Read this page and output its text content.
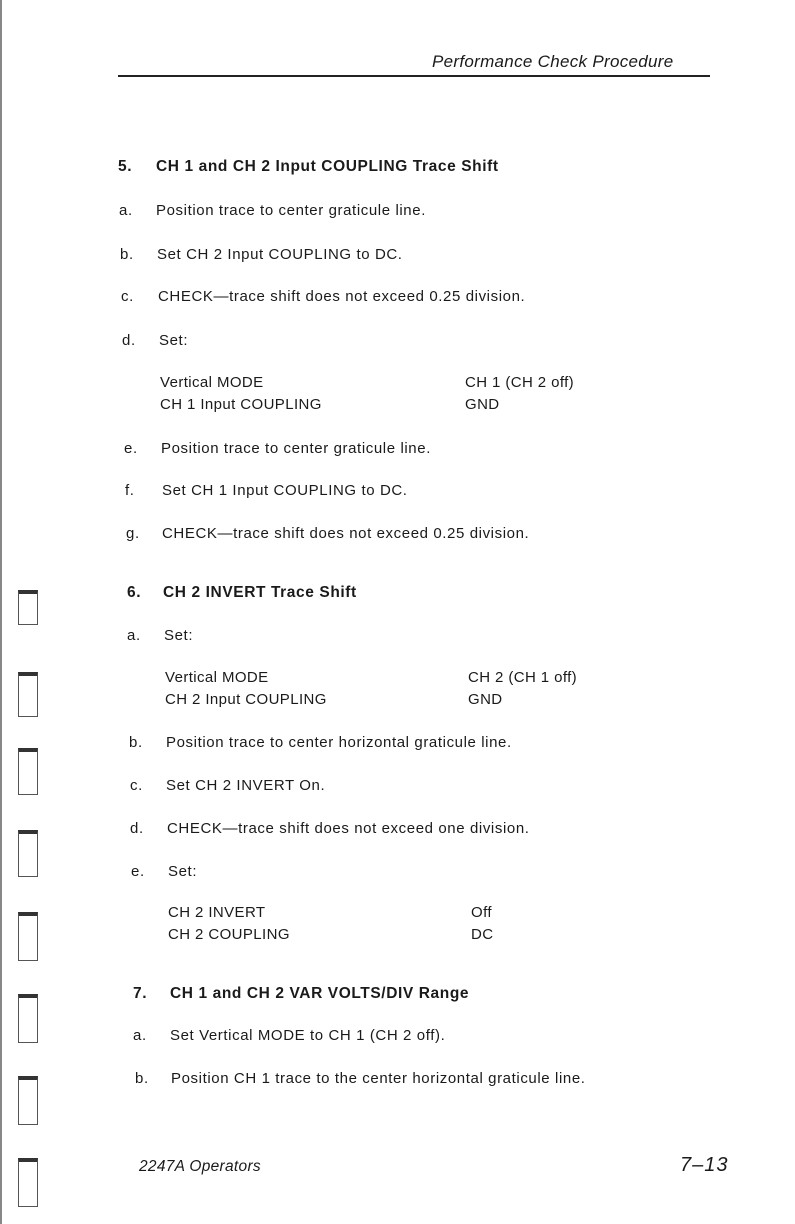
Performance Check Procedure
5. CH 1 and CH 2 Input COUPLING Trace Shift
a. Position trace to center graticule line.
b. Set CH 2 Input COUPLING to DC.
c. CHECK—trace shift does not exceed 0.25 division.
d. Set:
Vertical MODE	CH 1 (CH 2 off)
CH 1 Input COUPLING	GND
e. Position trace to center graticule line.
f. Set CH 1 Input COUPLING to DC.
g. CHECK—trace shift does not exceed 0.25 division.
6. CH 2 INVERT Trace Shift
a. Set:
Vertical MODE	CH 2 (CH 1 off)
CH 2 Input COUPLING	GND
b. Position trace to center horizontal graticule line.
c. Set CH 2 INVERT On.
d. CHECK—trace shift does not exceed one division.
e. Set:
CH 2 INVERT	Off
CH 2 COUPLING	DC
7. CH 1 and CH 2 VAR VOLTS/DIV Range
a. Set Vertical MODE to CH 1 (CH 2 off).
b. Position CH 1 trace to the center horizontal graticule line.
2247A Operators	7–13
